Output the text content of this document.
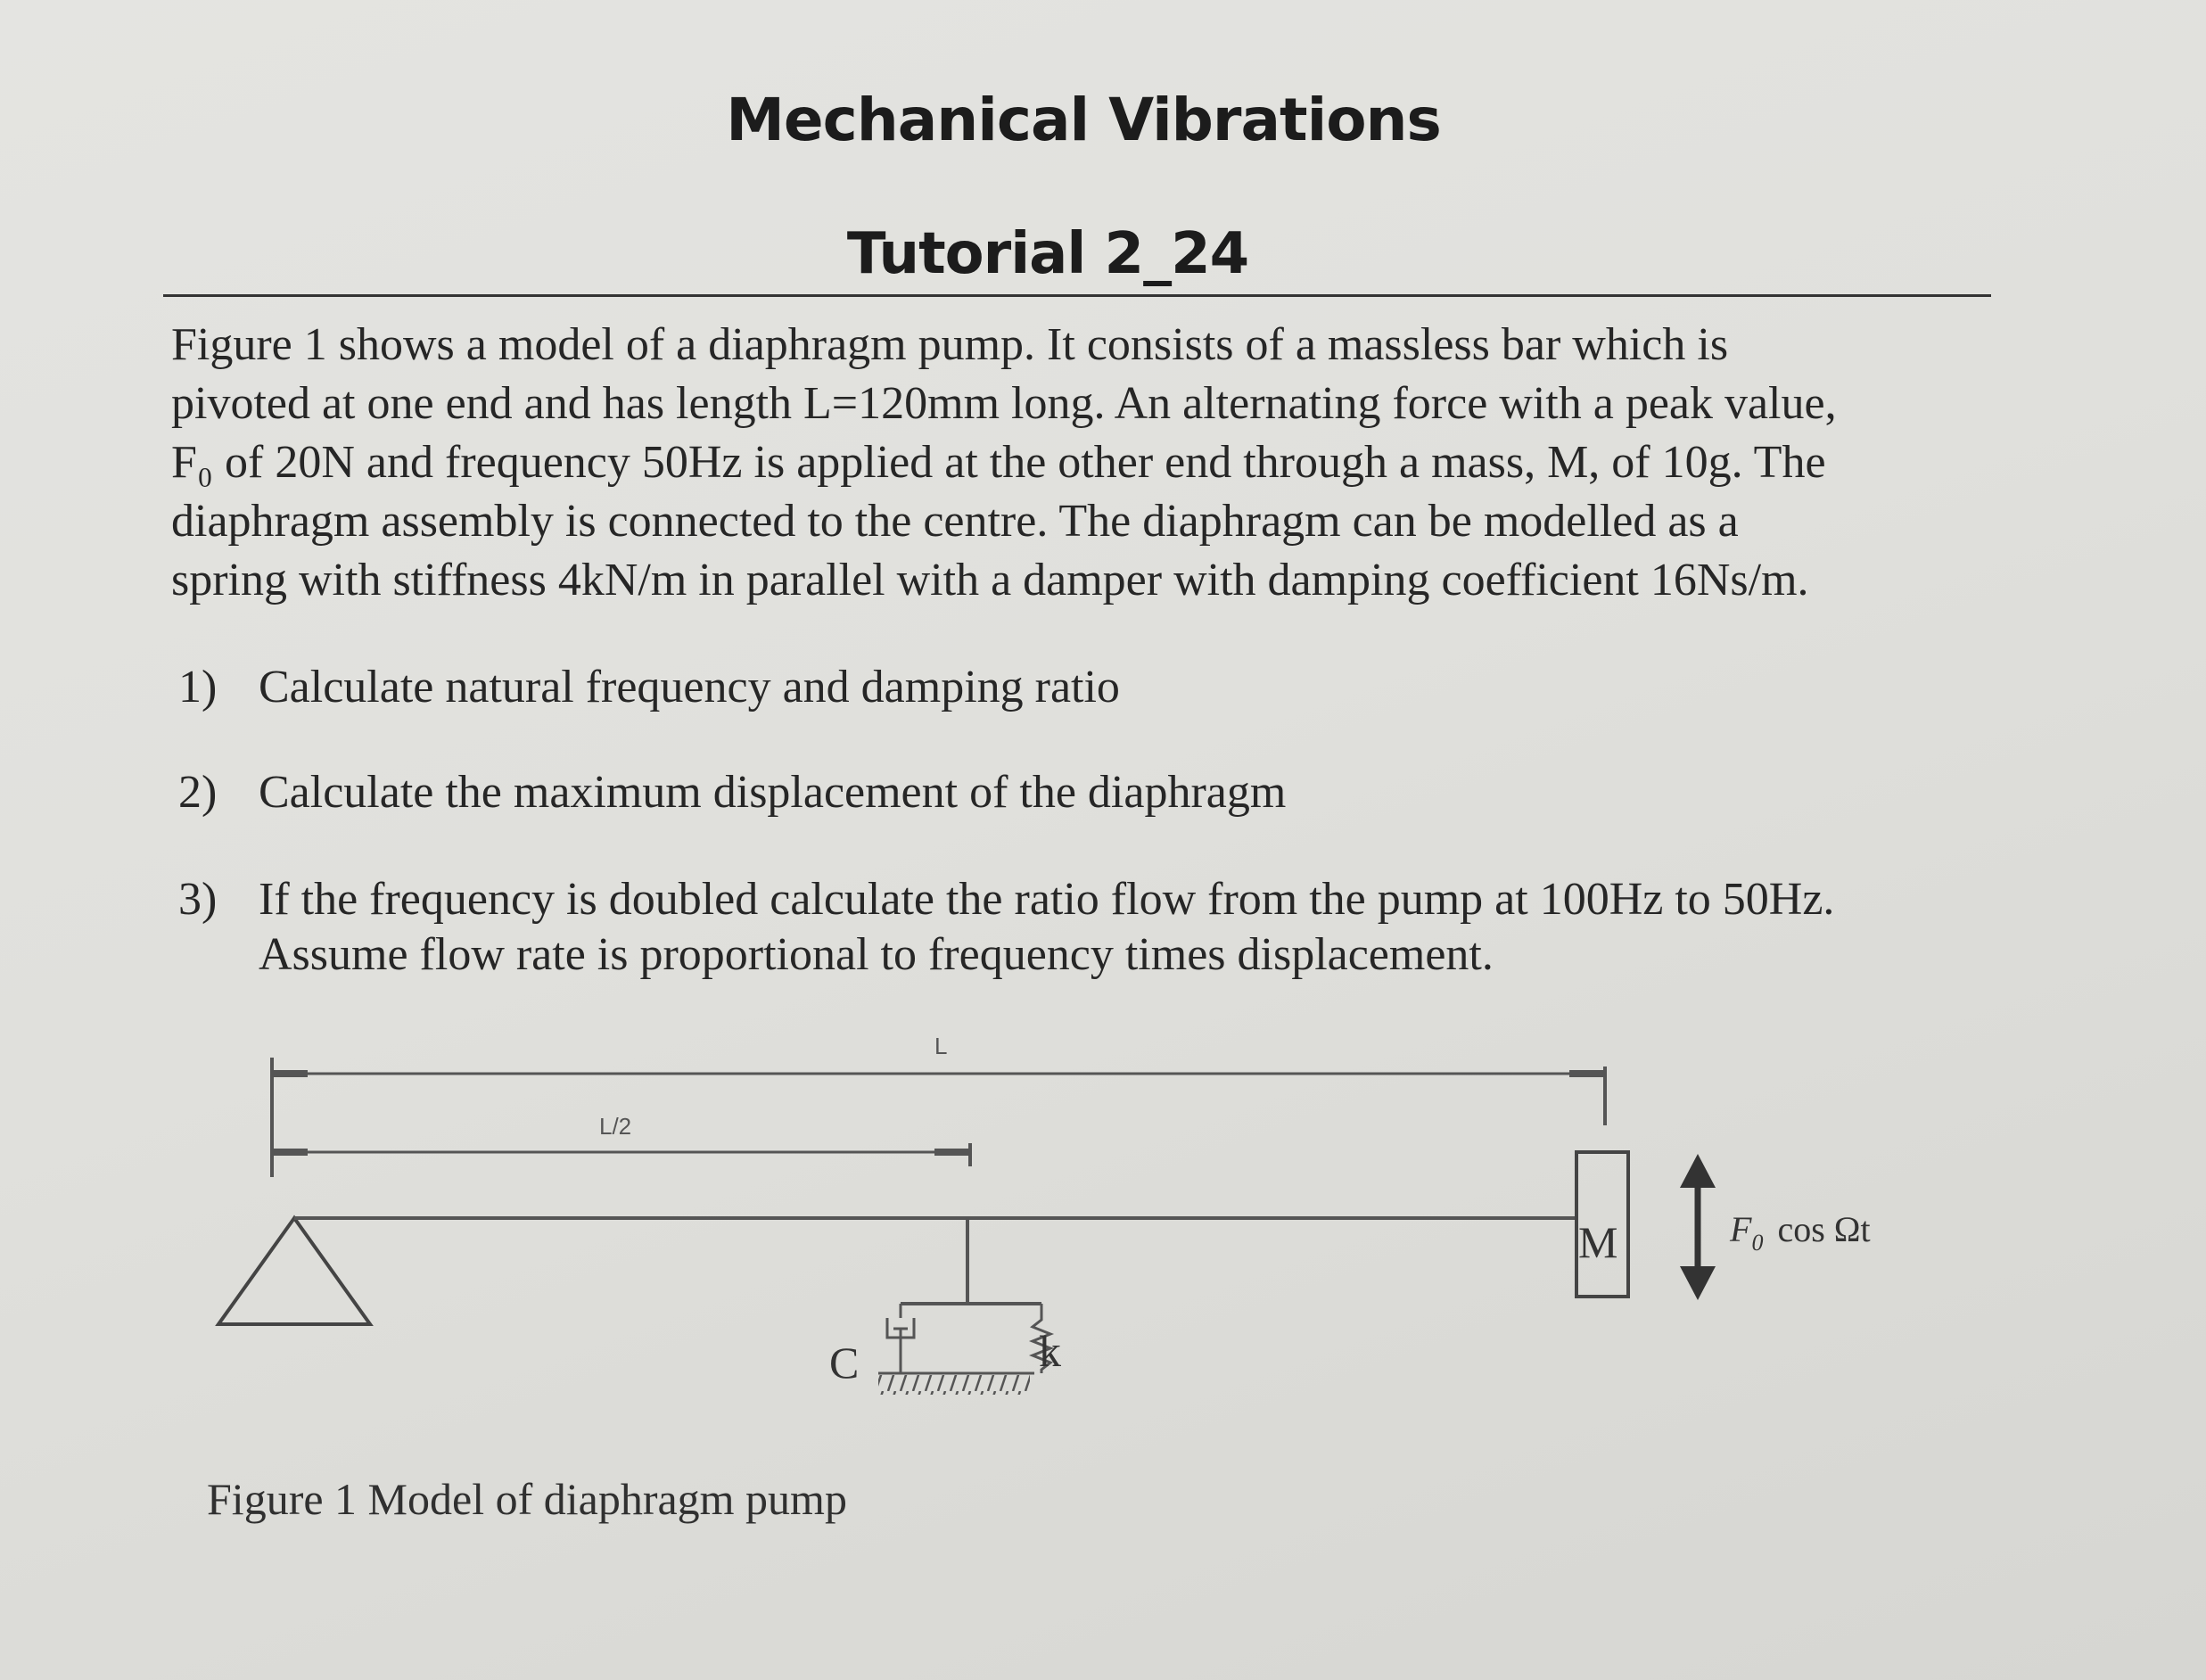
Mechanical Vibrations
Tutorial 2_24
Figure 1 shows a model of a diaphragm pump. It consists of a massless bar which is
pivoted at one end and has length L=120mm long. An alternating force with a peak value,
F₀ of 20N and frequency 50Hz is applied at the other end through a mass, M, of 10g. The
diaphragm assembly is connected to the centre. The diaphragm can be modelled as a
spring with stiffness 4kN/m in parallel with a damper with damping coefficient 16Ns/m.
1) Calculate natural frequency and damping ratio
2) Calculate the maximum displacement of the diaphragm
3) If the frequency is doubled calculate the ratio flow from the pump at 100Hz to 50Hz.
Assume flow rate is proportional to frequency times displacement.
L
L/2
C	k
M	$F_0$ cos Ωt
Figure 1 Model of diaphragm pump
